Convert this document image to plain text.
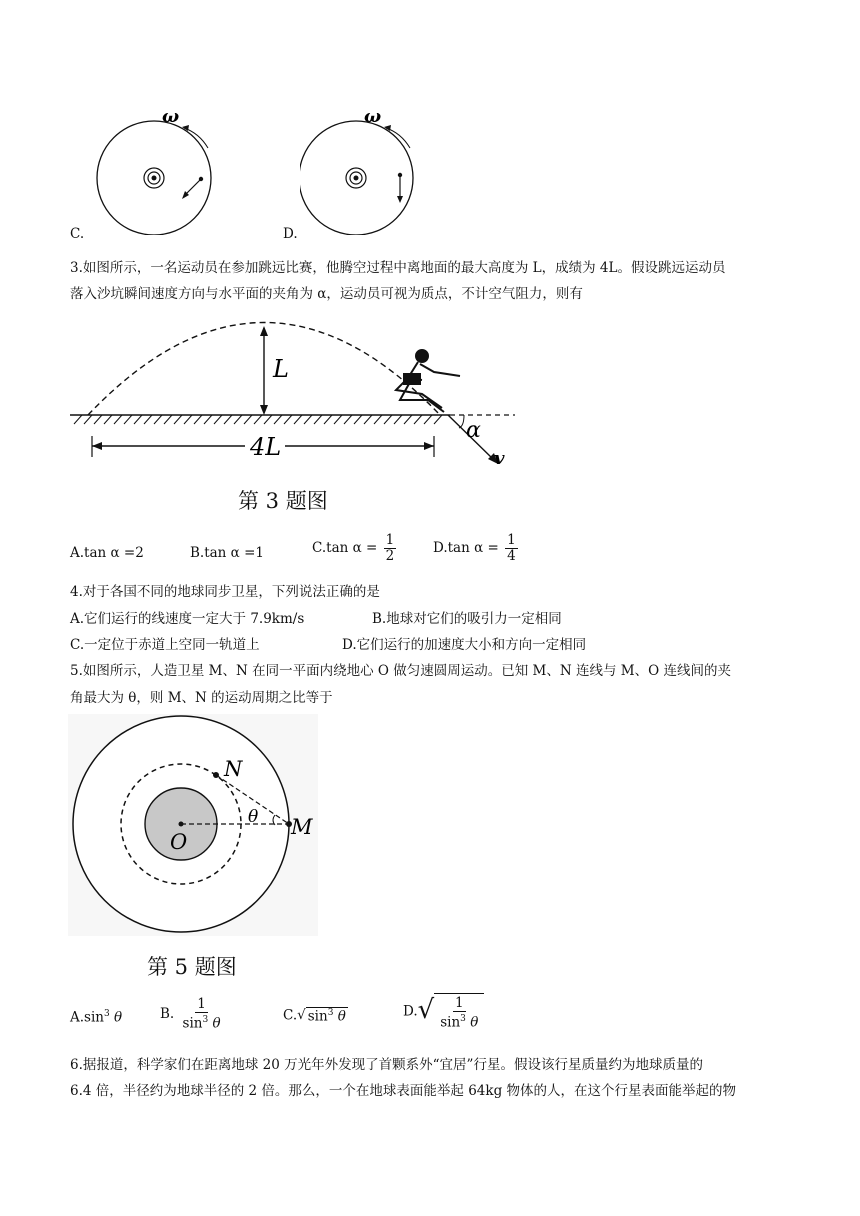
ω
C.
ω
D.
3.如图所示，一名运动员在参加跳远比赛，他腾空过程中离地面的最大高度为 L，成绩为 4L。假设跳远运动员
落入沙坑瞬间速度方向与水平面的夹角为 α，运动员可视为质点，不计空气阻力，则有
L
4L
α
v
第 3 题图
A.tan α =2	B.tan α =1	C.tan $\alpha = \frac{1}{2}$	D.tan $\alpha = \frac{1}{4}$
4.对于各国不同的地球同步卫星，下列说法正确的是
A.它们运行的线速度一定大于 7.9km/s	B.地球对它们的吸引力一定相同
C.一定位于赤道上空同一轨道上	D.它们运行的加速度大小和方向一定相同
5.如图所示，人造卫星 M、N 在同一平面内绕地心 O 做匀速圆周运动。已知 M、N 连线与 M、O 连线间的夹
角最大为 θ，则 M、N 的运动周期之比等于
O
N
M
θ
第 5 题图
$A.\sin^3$ θ	B. $\frac{1}{\sin^3 \theta}$	C. √ $\sin^3 \theta$	D. √ $\frac{1}{\sin^3 \theta}$
6.据报道，科学家们在距离地球 20 万光年外发现了首颗系外“宜居”行星。假设该行星质量约为地球质量的
6.4 倍，半径约为地球半径的 2 倍。那么，一个在地球表面能举起 64kg 物体的人，在这个行星表面能举起的物
